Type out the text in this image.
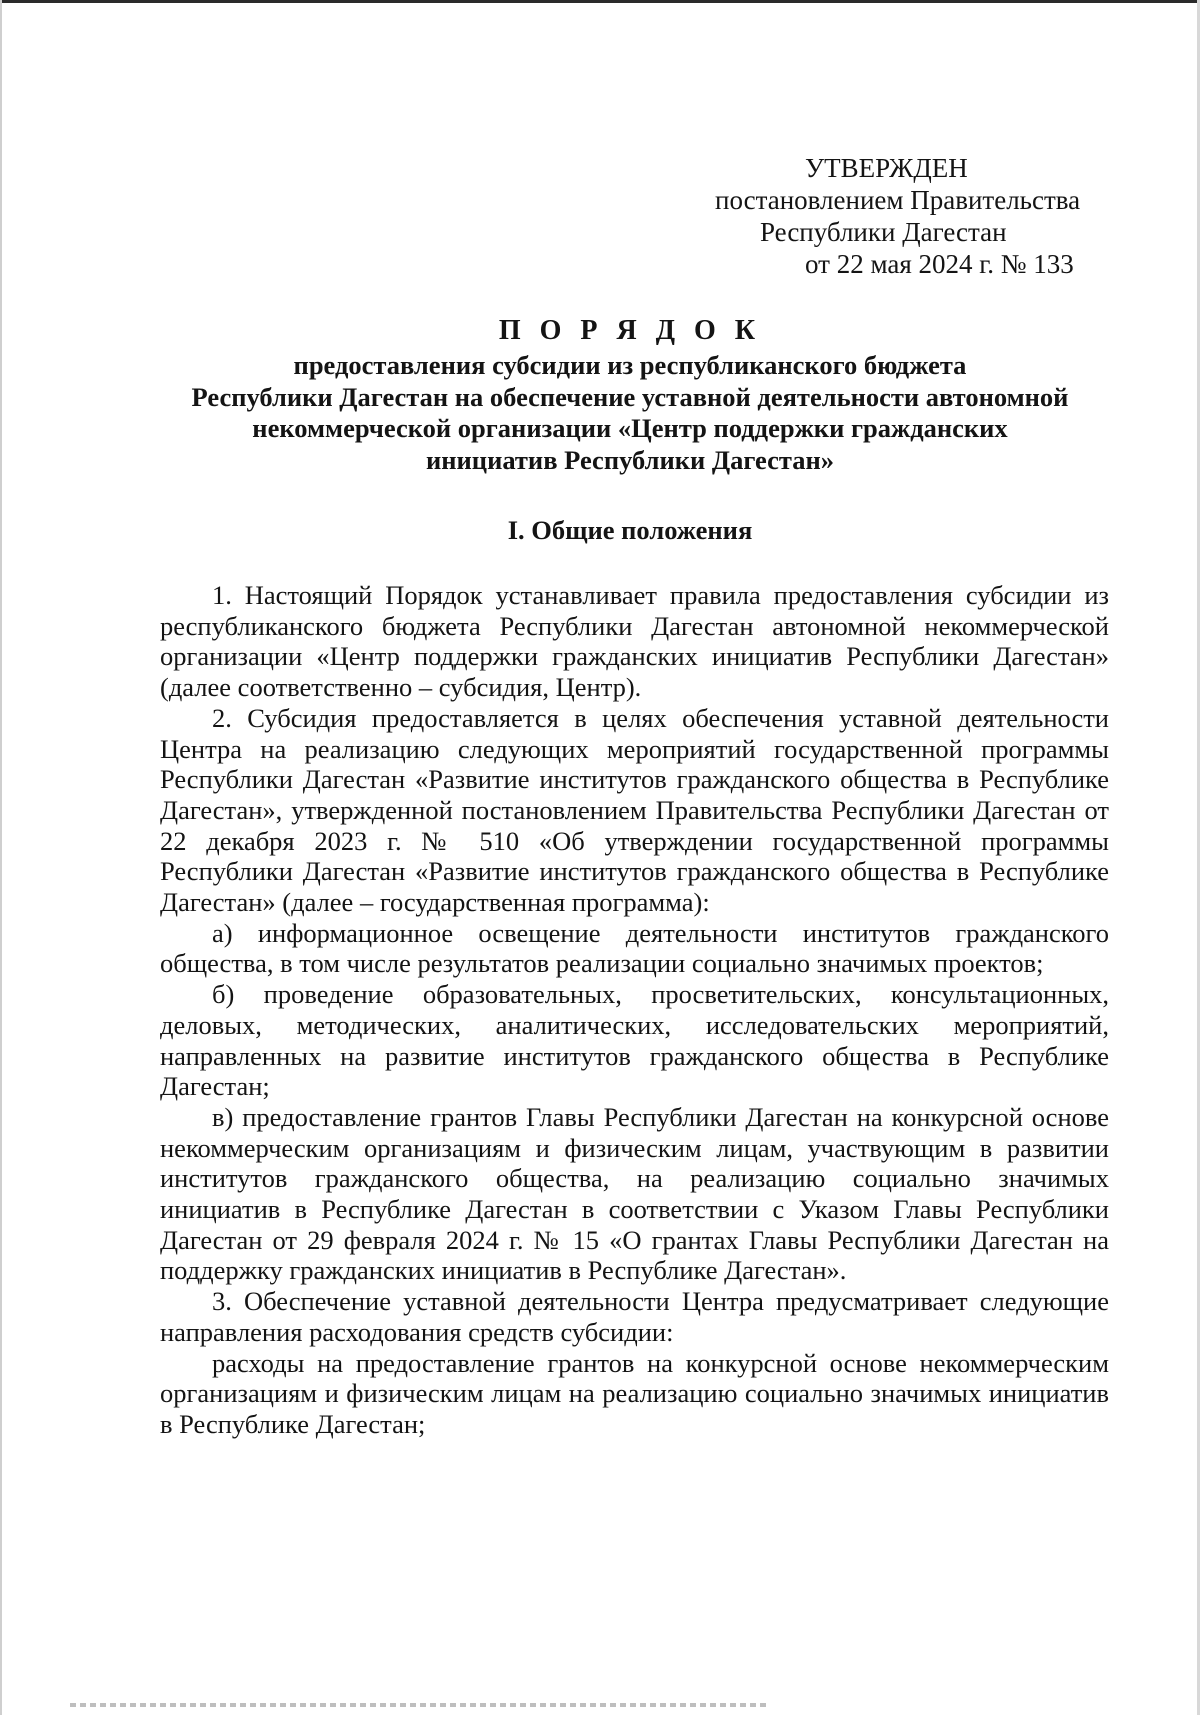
УТВЕРЖДЕН
постановлением Правительства
Республики Дагестан
от 22 мая 2024 г. № 133
П О Р Я Д О К
предоставления субсидии из республиканского бюджета
Республики Дагестан на обеспечение уставной деятельности автономной
некоммерческой организации «Центр поддержки гражданских
инициатив Республики Дагестан»
I. Общие положения

1. Настоящий Порядок устанавливает правила предоставления субсидии из республиканского бюджета Республики Дагестан автономной некоммерческой организации «Центр поддержки гражданских инициатив Республики Дагестан» (далее соответственно – субсидия, Центр).

2. Субсидия предоставляется в целях обеспечения уставной деятельности Центра на реализацию следующих мероприятий государственной программы Республики Дагестан «Развитие институтов гражданского общества в Республике Дагестан», утвержденной постановлением Правительства Республики Дагестан от 22 декабря 2023 г. № 510 «Об утверждении государственной программы Республики Дагестан «Развитие институтов гражданского общества в Республике Дагестан» (далее – государственная программа):

а) информационное освещение деятельности институтов гражданского общества, в том числе результатов реализации социально значимых проектов;

б) проведение образовательных, просветительских, консультационных, деловых, методических, аналитических, исследовательских мероприятий, направленных на развитие институтов гражданского общества в Республике Дагестан;

в) предоставление грантов Главы Республики Дагестан на конкурсной основе некоммерческим организациям и физическим лицам, участвующим в развитии институтов гражданского общества, на реализацию социально значимых инициатив в Республике Дагестан в соответствии с Указом Главы Республики Дагестан от 29 февраля 2024 г. № 15 «О грантах Главы Республики Дагестан на поддержку гражданских инициатив в Республике Дагестан».

3. Обеспечение уставной деятельности Центра предусматривает следующие направления расходования средств субсидии:

расходы на предоставление грантов на конкурсной основе некоммерческим организациям и физическим лицам на реализацию социально значимых инициатив в Республике Дагестан;
